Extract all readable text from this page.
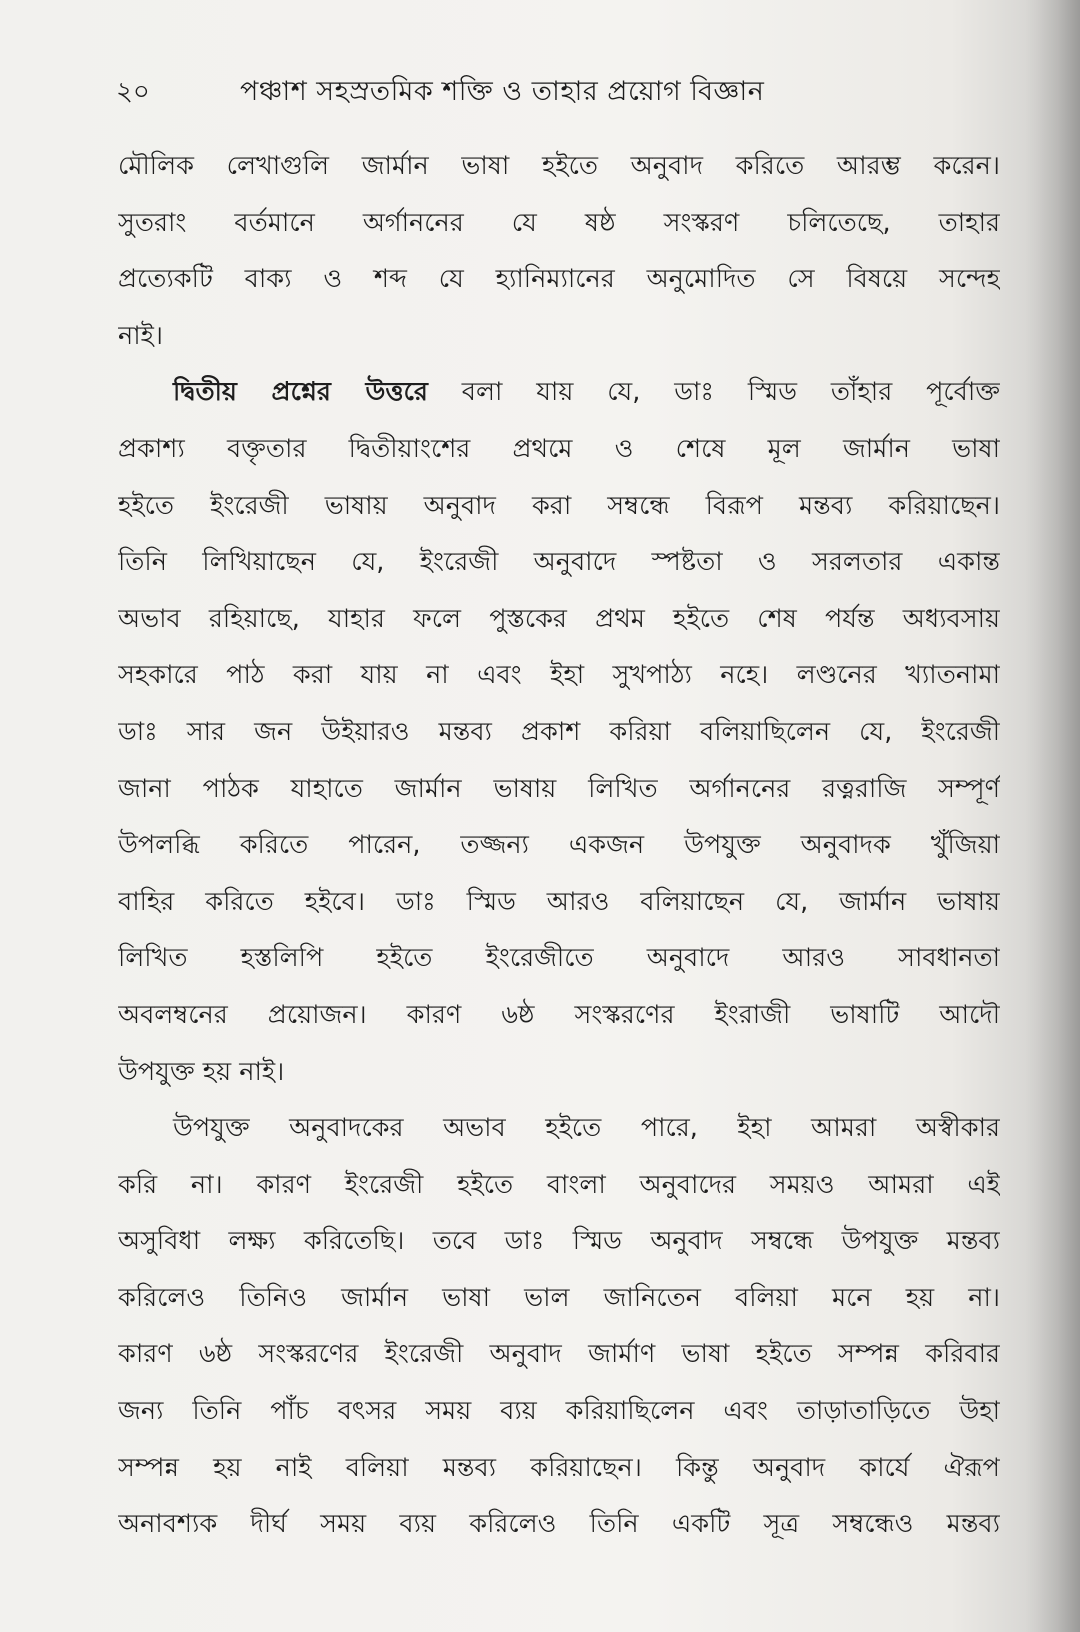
২০	পঞ্চাশ সহস্রতমিক শক্তি ও তাহার প্রয়োগ বিজ্ঞান
মৌলিক লেখাগুলি জার্মান ভাষা হইতে অনুবাদ করিতে আরম্ভ করেন।
সুতরাং বর্তমানে অর্গাননের যে ষষ্ঠ সংস্করণ চলিতেছে, তাহার
প্রত্যেকটি বাক্য ও শব্দ যে হ্যানিম্যানের অনুমোদিত সে বিষয়ে সন্দেহ
নাই।
দ্বিতীয় প্রশ্নের উত্তরে বলা যায় যে, ডাঃ স্মিড তাঁহার পূর্বোক্ত
প্রকাশ্য বক্তৃতার দ্বিতীয়াংশের প্রথমে ও শেষে মূল জার্মান ভাষা
হইতে ইংরেজী ভাষায় অনুবাদ করা সম্বন্ধে বিরূপ মন্তব্য করিয়াছেন।
তিনি লিখিয়াছেন যে, ইংরেজী অনুবাদে স্পষ্টতা ও সরলতার একান্ত
অভাব রহিয়াছে, যাহার ফলে পুস্তকের প্রথম হইতে শেষ পর্যন্ত অধ্যবসায়
সহকারে পাঠ করা যায় না এবং ইহা সুখপাঠ্য নহে। লণ্ডনের খ্যাতনামা
ডাঃ সার জন উইয়ারও মন্তব্য প্রকাশ করিয়া বলিয়াছিলেন যে, ইংরেজী
জানা পাঠক যাহাতে জার্মান ভাষায় লিখিত অর্গাননের রত্নরাজি সম্পূর্ণ
উপলব্ধি করিতে পারেন, তজ্জন্য একজন উপযুক্ত অনুবাদক খুঁজিয়া
বাহির করিতে হইবে। ডাঃ স্মিড আরও বলিয়াছেন যে, জার্মান ভাষায়
লিখিত হস্তলিপি হইতে ইংরেজীতে অনুবাদে আরও সাবধানতা
অবলম্বনের প্রয়োজন। কারণ ৬ষ্ঠ সংস্করণের ইংরাজী ভাষাটি আদৌ
উপযুক্ত হয় নাই।
উপযুক্ত অনুবাদকের অভাব হইতে পারে, ইহা আমরা অস্বীকার
করি না। কারণ ইংরেজী হইতে বাংলা অনুবাদের সময়ও আমরা এই
অসুবিধা লক্ষ্য করিতেছি। তবে ডাঃ স্মিড অনুবাদ সম্বন্ধে উপযুক্ত মন্তব্য
করিলেও তিনিও জার্মান ভাষা ভাল জানিতেন বলিয়া মনে হয় না।
কারণ ৬ষ্ঠ সংস্করণের ইংরেজী অনুবাদ জার্মাণ ভাষা হইতে সম্পন্ন করিবার
জন্য তিনি পাঁচ বৎসর সময় ব্যয় করিয়াছিলেন এবং তাড়াতাড়িতে উহা
সম্পন্ন হয় নাই বলিয়া মন্তব্য করিয়াছেন। কিন্তু অনুবাদ কার্যে ঐরূপ
অনাবশ্যক দীর্ঘ সময় ব্যয় করিলেও তিনি একটি সূত্র সম্বন্ধেও মন্তব্য
